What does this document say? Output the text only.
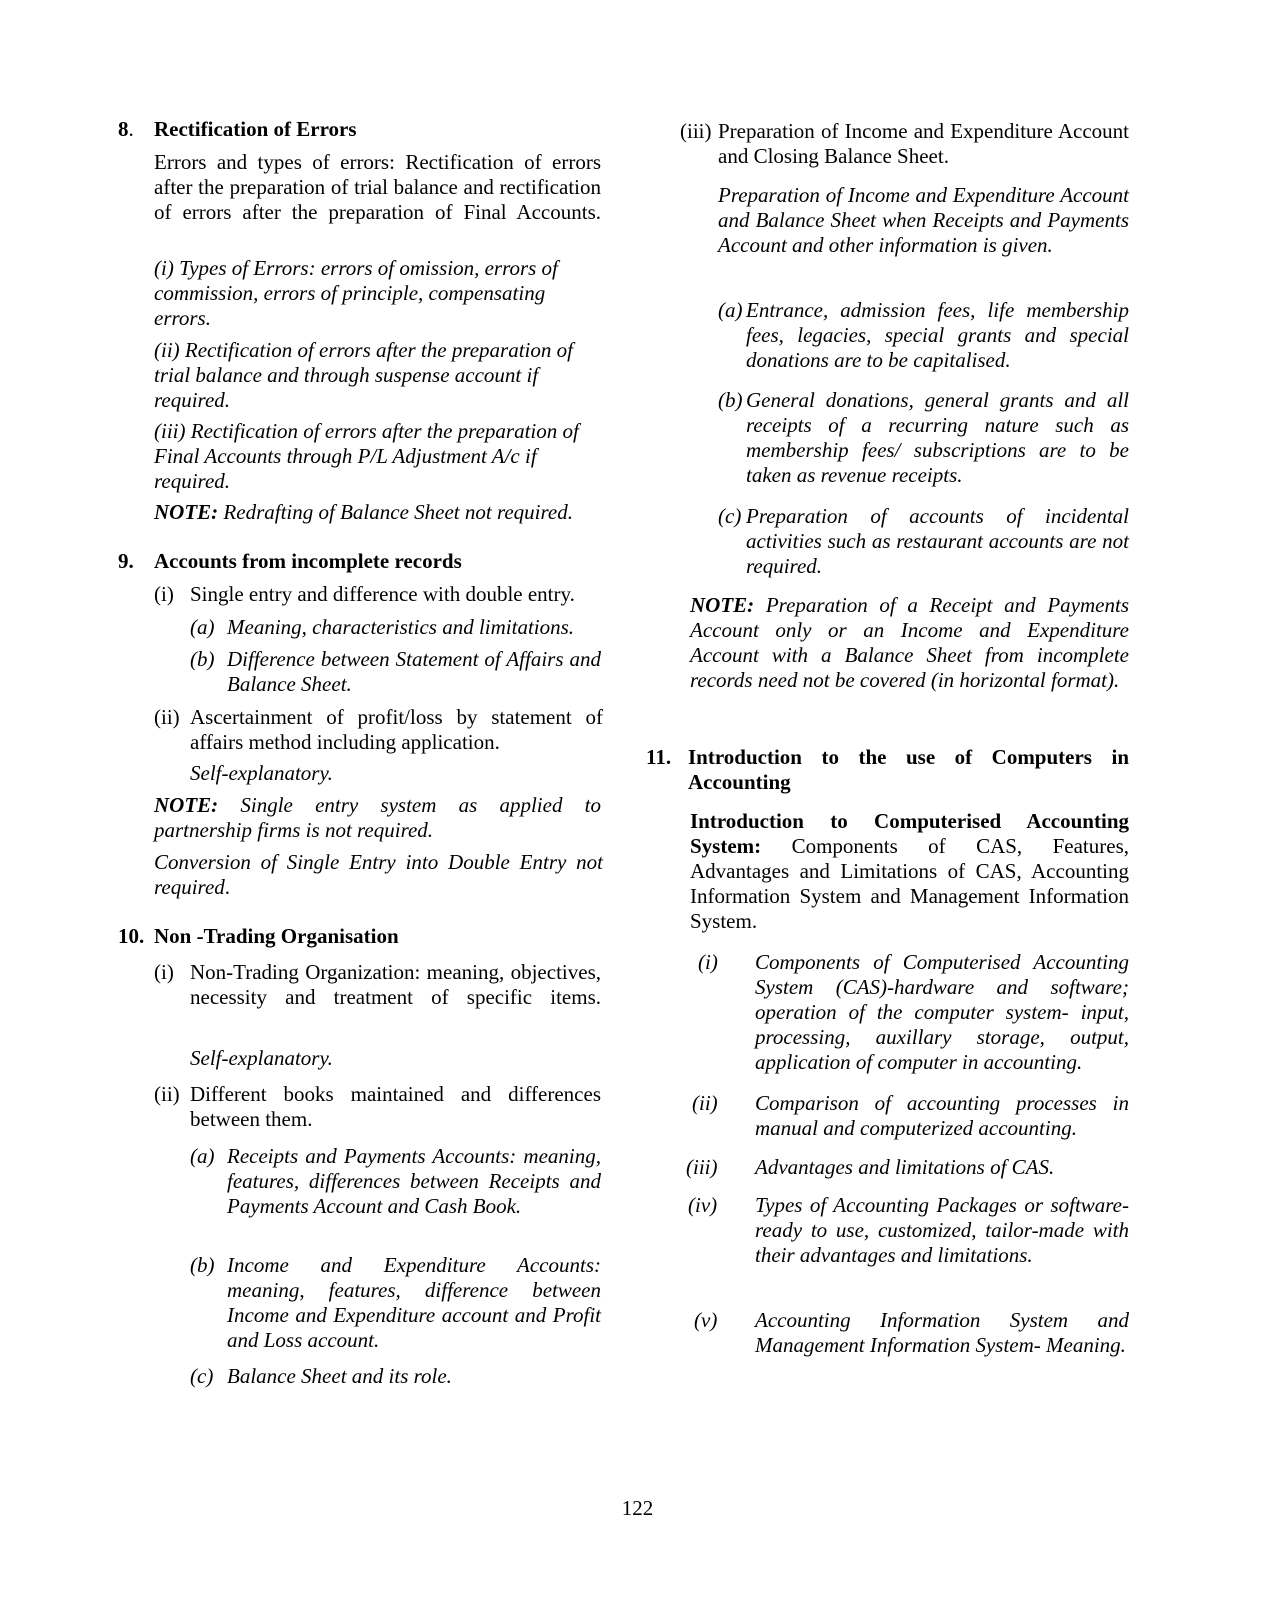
8. Rectification of Errors
Errors and types of errors: Rectification of errors after the preparation of trial balance and rectification of errors after the preparation of Final Accounts.
(i) Types of Errors: errors of omission, errors of commission, errors of principle, compensating errors.
(ii) Rectification of errors after the preparation of trial balance and through suspense account if required.
(iii) Rectification of errors after the preparation of Final Accounts through P/L Adjustment A/c if required.
NOTE: Redrafting of Balance Sheet not required.
9. Accounts from incomplete records
(i) Single entry and difference with double entry.
(a) Meaning, characteristics and limitations.
(b) Difference between Statement of Affairs and Balance Sheet.
(ii) Ascertainment of profit/loss by statement of affairs method including application.
Self-explanatory.
NOTE: Single entry system as applied to partnership firms is not required.
Conversion of Single Entry into Double Entry not required.
10. Non -Trading Organisation
(i) Non-Trading Organization: meaning, objectives, necessity and treatment of specific items.
Self-explanatory.
(ii) Different books maintained and differences between them.
(a) Receipts and Payments Accounts: meaning, features, differences between Receipts and Payments Account and Cash Book.
(b) Income and Expenditure Accounts: meaning, features, difference between Income and Expenditure account and Profit and Loss account.
(c) Balance Sheet and its role.
(iii) Preparation of Income and Expenditure Account and Closing Balance Sheet.
Preparation of Income and Expenditure Account and Balance Sheet when Receipts and Payments Account and other information is given.
(a) Entrance, admission fees, life membership fees, legacies, special grants and special donations are to be capitalised.
(b) General donations, general grants and all receipts of a recurring nature such as membership fees/ subscriptions are to be taken as revenue receipts.
(c) Preparation of accounts of incidental activities such as restaurant accounts are not required.
NOTE: Preparation of a Receipt and Payments Account only or an Income and Expenditure Account with a Balance Sheet from incomplete records need not be covered (in horizontal format).
11. Introduction to the use of Computers in Accounting
Introduction to Computerised Accounting System: Components of CAS, Features, Advantages and Limitations of CAS, Accounting Information System and Management Information System.
(i) Components of Computerised Accounting System (CAS)-hardware and software; operation of the computer system- input, processing, auxillary storage, output, application of computer in accounting.
(ii) Comparison of accounting processes in manual and computerized accounting.
(iii) Advantages and limitations of CAS.
(iv) Types of Accounting Packages or software- ready to use, customized, tailor-made with their advantages and limitations.
(v) Accounting Information System and Management Information System- Meaning.
122
